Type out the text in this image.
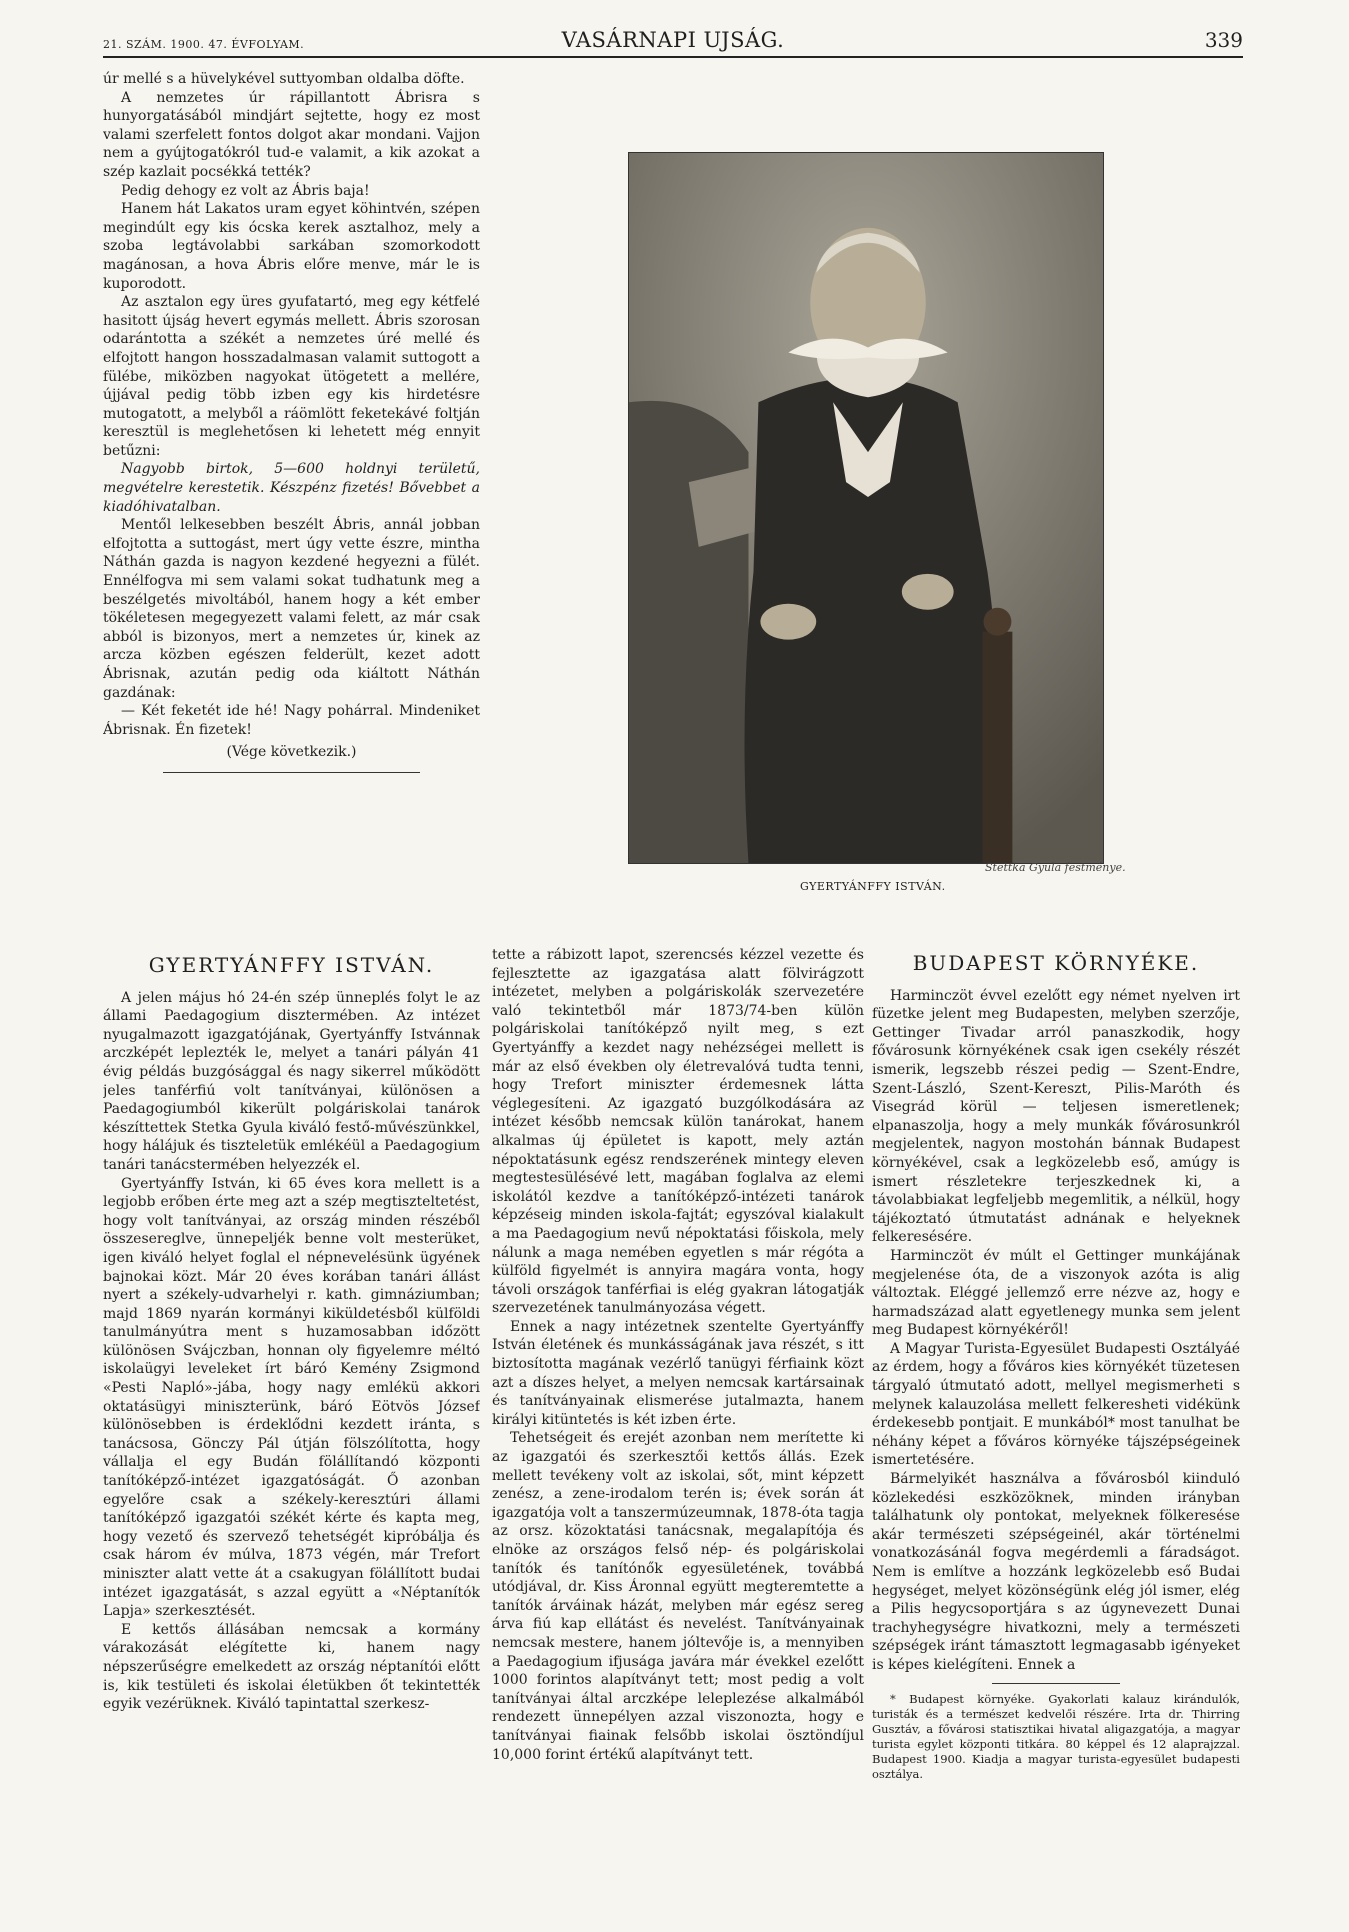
21. SZÁM. 1900. 47. ÉVFOLYAM.	VASÁRNAPI UJSÁG.	339

úr mellé s a hüvelykével suttyomban oldalba döfte.

A nemzetes úr rápillantott Ábrisra s hunyorgatásából mindjárt sejtette, hogy ez most valami szerfelett fontos dolgot akar mondani. Vajjon nem a gyújtogatókról tud-e valamit, a kik azokat a szép kazlait pocsékká tették?

Pedig dehogy ez volt az Ábris baja!

Hanem hát Lakatos uram egyet köhintvén, szépen megindúlt egy kis ócska kerek asztalhoz, mely a szoba legtávolabbi sarkában szomorkodott magánosan, a hova Ábris előre menve, már le is kuporodott.

Az asztalon egy üres gyufatartó, meg egy kétfelé hasitott újság hevert egymás mellett. Ábris szorosan odarántotta a székét a nemzetes úré mellé és elfojtott hangon hosszadalmasan valamit suttogott a fülébe, miközben nagyokat ütögetett a mellére, újjával pedig több izben egy kis hirdetésre mutogatott, a melyből a ráömlött feketekávé foltján keresztül is meglehetősen ki lehetett még ennyit betűzni:

Nagyobb birtok, 5—600 holdnyi területű, megvételre kerestetik. Készpénz fizetés! Bővebbet a kiadóhivatalban.

Mentől lelkesebben beszélt Ábris, annál jobban elfojtotta a suttogást, mert úgy vette észre, mintha Náthán gazda is nagyon kezdené hegyezni a fülét. Ennélfogva mi sem valami sokat tudhatunk meg a beszélgetés mivoltából, hanem hogy a két ember tökéletesen megegyezett valami felett, az már csak abból is bizonyos, mert a nemzetes úr, kinek az arcza közben egészen felderült, kezet adott Ábrisnak, azután pedig oda kiáltott Náthán gazdának:

— Két feketét ide hé! Nagy pohárral. Mindeniket Ábrisnak. Én fizetek!

(Vége következik.)

GYERTYÁNFFY ISTVÁN.

A jelen május hó 24-én szép ünneplés folyt le az állami Paedagogium disztermében. Az intézet nyugalmazott igazgatójának, Gyertyánffy Istvánnak arczképét leplezték le, melyet a tanári pályán 41 évig példás buzgósággal és nagy sikerrel működött jeles tanférfiú volt tanítványai, különösen a Paedagogiumból kikerült polgáriskolai tanárok készíttettek Stetka Gyula kiváló festő-művészünkkel, hogy hálájuk és tiszteletük emlékéül a Paedagogium tanári tanácstermében helyezzék el.

Gyertyánffy István, ki 65 éves kora mellett is a legjobb erőben érte meg azt a szép megtiszteltetést, hogy volt tanítványai, az ország minden részéből összesereglve, ünnepeljék benne volt mesterüket, igen kiváló helyet foglal el népnevelésünk ügyének bajnokai közt. Már 20 éves korában tanári állást nyert a székely-udvarhelyi r. kath. gimnáziumban; majd 1869 nyarán kormányi kiküldetésből külföldi tanulmányútra ment s huzamosabban időzött különösen Svájczban, honnan oly figyelemre méltó iskolaügyi leveleket írt báró Kemény Zsigmond «Pesti Napló»-jába, hogy nagy emlékü akkori oktatásügyi miniszterünk, báró Eötvös József különösebben is érdeklődni kezdett iránta, s tanácsosa, Gönczy Pál útján fölszólította, hogy vállalja el egy Budán fölállítandó központi tanítóképző-intézet igazgatóságát. Ő azonban egyelőre csak a székely-keresztúri állami tanítóképző igazgatói székét kérte és kapta meg, hogy vezető és szervező tehetségét kipróbálja és csak három év múlva, 1873 végén, már Trefort miniszter alatt vette át a csakugyan fölállított budai intézet igazgatását, s azzal együtt a «Néptanítók Lapja» szerkesztését.

E kettős állásában nemcsak a kormány várakozását elégítette ki, hanem nagy népszerűségre emelkedett az ország néptanítói előtt is, kik testületi és iskolai életükben őt tekintették egyik vezérüknek. Kiváló tapintattal szerkesz-

tette a rábizott lapot, szerencsés kézzel vezette és fejlesztette az igazgatása alatt fölvirágzott intézetet, melyben a polgáriskolák szervezetére való tekintetből már 1873/74-ben külön polgáriskolai tanítóképző nyilt meg, s ezt Gyertyánffy a kezdet nagy nehézségei mellett is már az első években oly életrevalóvá tudta tenni, hogy Trefort miniszter érdemesnek látta véglegesíteni. Az igazgató buzgólkodására az intézet később nemcsak külön tanárokat, hanem alkalmas új épületet is kapott, mely aztán népoktatásunk egész rendszerének mintegy eleven megtestesülésévé lett, magában foglalva az elemi iskolától kezdve a tanítóképző-intézeti tanárok képzéseig minden iskola-fajtát; egyszóval kialakult a ma Paedagogium nevű népoktatási főiskola, mely nálunk a maga nemében egyetlen s már régóta a külföld figyelmét is annyira magára vonta, hogy távoli országok tanférfiai is elég gyakran látogatják szervezetének tanulmányozása végett.

Ennek a nagy intézetnek szentelte Gyertyánffy István életének és munkásságának java részét, s itt biztosította magának vezérlő tanügyi férfiaink közt azt a díszes helyet, a melyen nemcsak kartársainak és tanítványainak elismerése jutalmazta, hanem királyi kitüntetés is két izben érte.

Tehetségeit és erejét azonban nem merítette ki az igazgatói és szerkesztői kettős állás. Ezek mellett tevékeny volt az iskolai, sőt, mint képzett zenész, a zene-irodalom terén is; évek során át igazgatója volt a tanszermúzeumnak, 1878-óta tagja az orsz. közoktatási tanácsnak, megalapítója és elnöke az országos felső nép- és polgáriskolai tanítók és tanítónők egyesületének, továbbá utódjával, dr. Kiss Áronnal együtt megteremtette a tanítók árváinak házát, melyben már egész sereg árva fiú kap ellátást és nevelést. Tanítványainak nemcsak mestere, hanem jóltevője is, a mennyiben a Paedagogium ifjusága javára már évekkel ezelőtt 1000 forintos alapítványt tett; most pedig a volt tanítványai által arczképe leleplezése alkalmából rendezett ünnepélyen azzal viszonozta, hogy e tanítványai fiainak felsőbb iskolai ösztöndíjul 10,000 forint értékű alapítványt tett.

GYERTYÁNFFY ISTVÁN.
Stettka Gyula festménye.
BUDAPEST KÖRNYÉKE.

Harminczöt évvel ezelőtt egy német nyelven irt füzetke jelent meg Budapesten, melyben szerzője, Gettinger Tivadar arról panaszkodik, hogy fővárosunk környékének csak igen csekély részét ismerik, legszebb részei pedig — Szent-Endre, Szent-László, Szent-Kereszt, Pilis-Maróth és Visegrád körül — teljesen ismeretlenek; elpanaszolja, hogy a mely munkák fővárosunkról megjelentek, nagyon mostohán bánnak Budapest környékével, csak a legközelebb eső, amúgy is ismert részletekre terjeszkednek ki, a távolabbiakat legfeljebb megemlitik, a nélkül, hogy tájékoztató útmutatást adnának e helyeknek felkeresésére.

Harminczöt év múlt el Gettinger munkájának megjelenése óta, de a viszonyok azóta is alig változtak. Eléggé jellemző erre nézve az, hogy e harmadszázad alatt egyetlenegy munka sem jelent meg Budapest környékéről!

A Magyar Turista-Egyesület Budapesti Osztályáé az érdem, hogy a főváros kies környékét tüzetesen tárgyaló útmutató adott, mellyel megismerheti s melynek kalauzolása mellett felkeresheti vidékünk érdekesebb pontjait. E munkából* most tanulhat be néhány képet a főváros környéke tájszépségeinek ismertetésére.

Bármelyikét használva a fővárosból kiinduló közlekedési eszközöknek, minden irányban találhatunk oly pontokat, melyeknek fölkeresése akár természeti szépségeinél, akár történelmi vonatkozásánál fogva megérdemli a fáradságot. Nem is említve a hozzánk legközelebb eső Budai hegységet, melyet közönségünk elég jól ismer, elég a Pilis hegycsoportjára s az úgynevezett Dunai trachyhegységre hivatkozni, mely a természeti szépségek iránt támasztott legmagasabb igényeket is képes kielégíteni. Ennek a

* Budapest környéke. Gyakorlati kalauz kirándulók, turisták és a természet kedvelői részére. Irta dr. Thirring Gusztáv, a fővárosi statisztikai hivatal aligazgatója, a magyar turista egylet központi titkára. 80 képpel és 12 alaprajzzal. Budapest 1900. Kiadja a magyar turista-egyesület budapesti osztálya.
